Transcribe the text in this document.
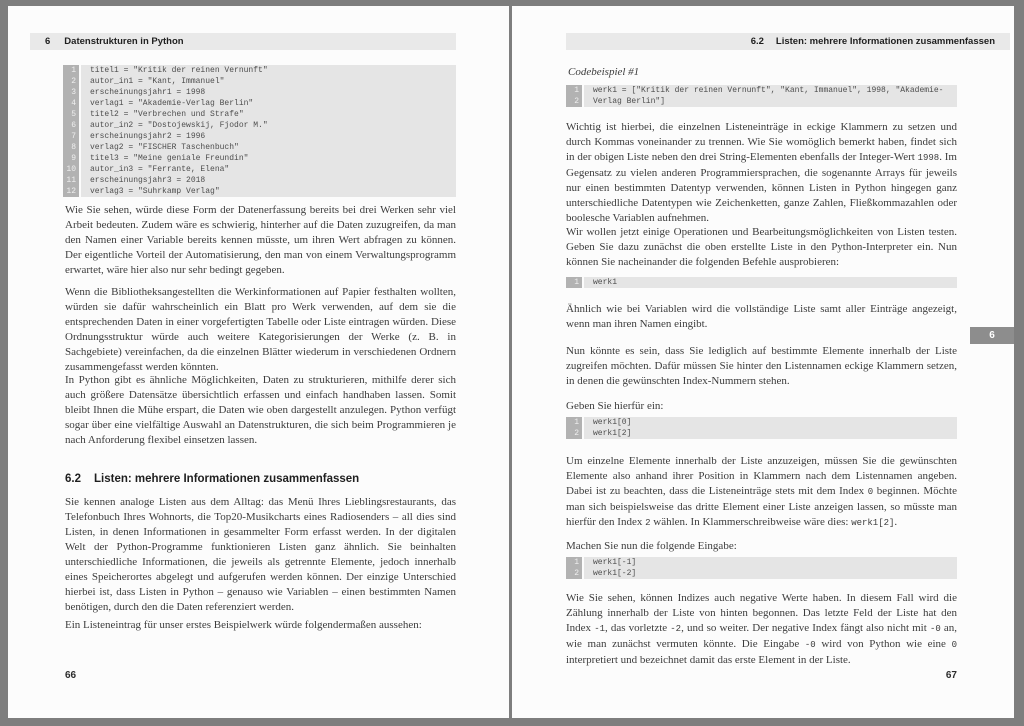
6 Datenstrukturen in Python
1	titel1 = "Kritik der reinen Vernunft"
2	autor_in1 = "Kant, Immanuel"
3	erscheinungsjahr1 = 1998
4	verlag1 = "Akademie-Verlag Berlin"
5	titel2 = "Verbrechen und Strafe"
6	autor_in2 = "Dostojewskij, Fjodor M."
7	erscheinungsjahr2 = 1996
8	verlag2 = "FISCHER Taschenbuch"
9	titel3 = "Meine geniale Freundin"
10	autor_in3 = "Ferrante, Elena"
11	erscheinungsjahr3 = 2018
12	verlag3 = "Suhrkamp Verlag"

Wie Sie sehen, würde diese Form der Datenerfassung bereits bei drei Werken sehr viel Arbeit bedeuten. Zudem wäre es schwierig, hinterher auf die Daten zuzugreifen, da man den Namen einer Variable bereits kennen müsste, um ihren Wert abfragen zu können. Der eigentliche Vorteil der Automatisierung, den man von einem Verwaltungsprogramm erwartet, wäre hier also nur sehr bedingt gegeben.

Wenn die Bibliotheksangestellten die Werkinformationen auf Papier festhalten wollten, würden sie dafür wahrscheinlich ein Blatt pro Werk verwenden, auf dem sie die entsprechenden Daten in einer vorgefertigten Tabelle oder Liste eintragen würden. Diese Ordnungsstruktur würde auch weitere Kategorisierungen der Werke (z. B. in Sachgebiete) vereinfachen, da die einzelnen Blätter wiederum in verschiedenen Ordnern zusammengefasst werden könnten.

In Python gibt es ähnliche Möglichkeiten, Daten zu strukturieren, mithilfe derer sich auch größere Datensätze übersichtlich erfassen und einfach handhaben lassen. Somit bleibt Ihnen die Mühe erspart, die Daten wie oben dargestellt anzulegen. Python verfügt sogar über eine vielfältige Auswahl an Datenstrukturen, die sich beim Programmieren je nach Anforderung flexibel einsetzen lassen.

6.2 Listen: mehrere Informationen zusammenfassen

Sie kennen analoge Listen aus dem Alltag: das Menü Ihres Lieblingsrestaurants, das Telefonbuch Ihres Wohnorts, die Top20-Musikcharts eines Radiosenders – all dies sind Listen, in denen Informationen in gesammelter Form erfasst werden. In der digitalen Welt der Python-Programme funktionieren Listen ganz ähnlich. Sie beinhalten unterschiedliche Informationen, die jeweils als getrennte Elemente, jedoch innerhalb eines Speicherortes abgelegt und aufgerufen werden können. Der einzige Unterschied hierbei ist, dass Listen in Python – genauso wie Variablen – einen bestimmten Namen benötigen, durch den die Daten referenziert werden.

Ein Listeneintrag für unser erstes Beispielwerk würde folgendermaßen aussehen:

66
6.2 Listen: mehrere Informationen zusammenfassen
Codebeispiel #1
1	werk1 = ["Kritik der reinen Vernunft", "Kant, Immanuel", 1998, "Akademie-
2	Verlag Berlin"]

Wichtig ist hierbei, die einzelnen Listeneinträge in eckige Klammern zu setzen und durch Kommas voneinander zu trennen. Wie Sie womöglich bemerkt haben, findet sich in der obigen Liste neben den drei String-Elementen ebenfalls der Integer-Wert 1998. Im Gegensatz zu vielen anderen Programmiersprachen, die sogenannte Arrays für jeweils nur einen bestimmten Datentyp verwenden, können Listen in Python hingegen ganz unterschiedliche Datentypen wie Zeichenketten, ganze Zahlen, Fließkommazahlen oder boolesche Variablen aufnehmen.

Wir wollen jetzt einige Operationen und Bearbeitungsmöglichkeiten von Listen testen. Geben Sie dazu zunächst die oben erstellte Liste in den Python-Interpreter ein. Nun können Sie nacheinander die folgenden Befehle ausprobieren:

1	werk1

Ähnlich wie bei Variablen wird die vollständige Liste samt aller Einträge angezeigt, wenn man ihren Namen eingibt.

Nun könnte es sein, dass Sie lediglich auf bestimmte Elemente innerhalb der Liste zugreifen möchten. Dafür müssen Sie hinter den Listennamen eckige Klammern setzen, in denen die gewünschten Index-Nummern stehen.

Geben Sie hierfür ein:

1	werk1[0]
2	werk1[2]

Um einzelne Elemente innerhalb der Liste anzuzeigen, müssen Sie die gewünschten Elemente also anhand ihrer Position in Klammern nach dem Listennamen angeben. Dabei ist zu beachten, dass die Listeneinträge stets mit dem Index 0 beginnen. Möchte man sich beispielsweise das dritte Element einer Liste anzeigen lassen, so müsste man hierfür den Index 2 wählen. In Klammerschreibweise wäre dies: werk1[2].

Machen Sie nun die folgende Eingabe:

1	werk1[-1]
2	werk1[-2]

Wie Sie sehen, können Indizes auch negative Werte haben. In diesem Fall wird die Zählung innerhalb der Liste von hinten begonnen. Das letzte Feld der Liste hat den Index -1, das vorletzte -2, und so weiter. Der negative Index fängt also nicht mit -0 an, wie man zunächst vermuten könnte. Die Eingabe -0 wird von Python wie eine 0 interpretiert und bezeichnet damit das erste Element in der Liste.

6
67
